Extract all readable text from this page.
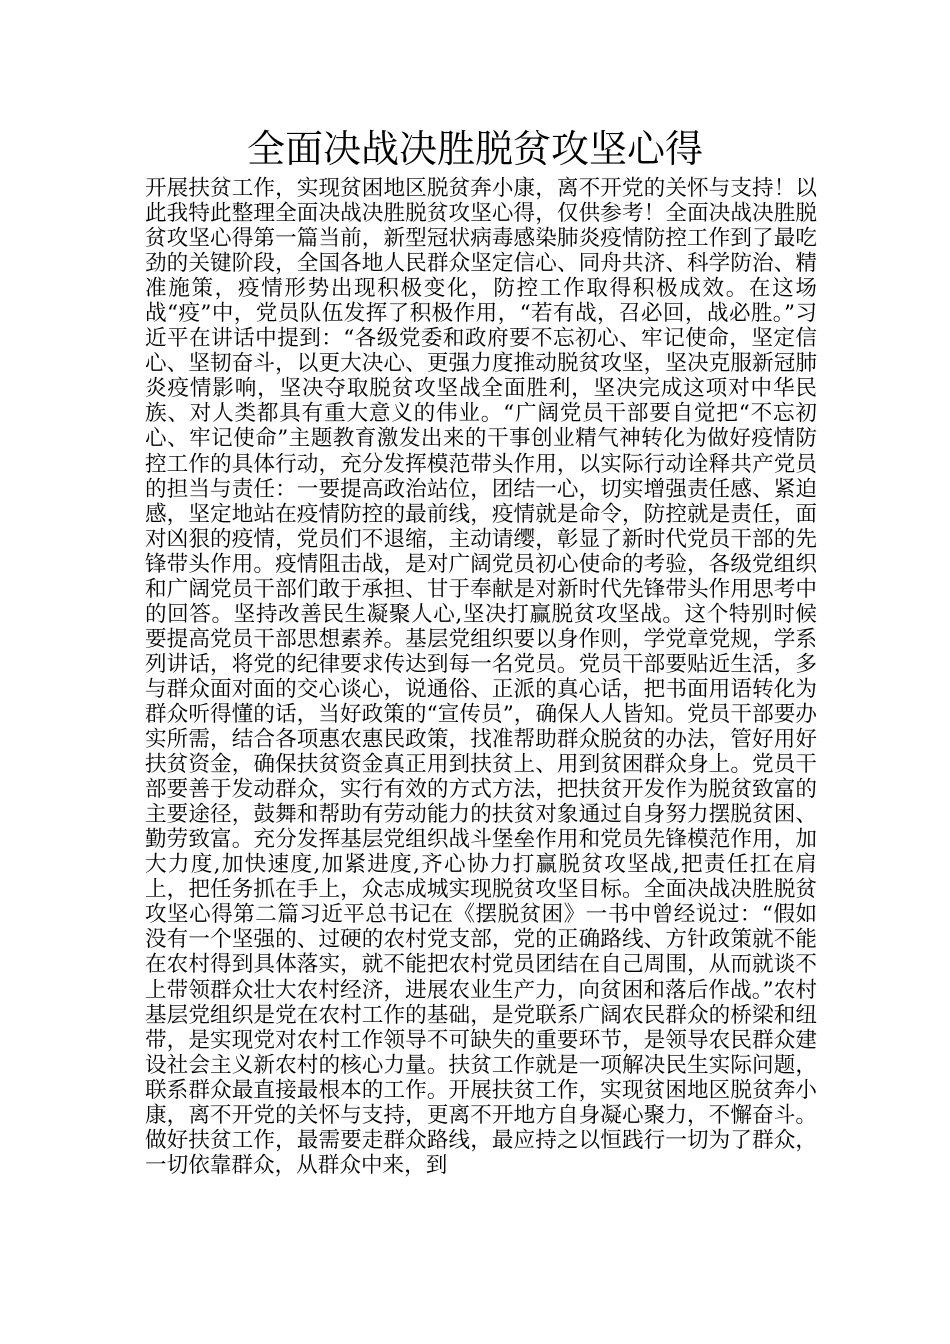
全面决战决胜脱贫攻坚心得

开展扶贫工作，实现贫困地区脱贫奔小康，离不开党的关怀与支持！以此我特此整理全面决战决胜脱贫攻坚心得，仅供参考！全面决战决胜脱贫攻坚心得第一篇当前，新型冠状病毒感染肺炎疫情防控工作到了最吃劲的关键阶段，全国各地人民群众坚定信心、同舟共济、科学防治、精准施策，疫情形势出现积极变化，防控工作取得积极成效。在这场战“疫”中，党员队伍发挥了积极作用，“若有战，召必回，战必胜。”习近平在讲话中提到：“各级党委和政府要不忘初心、牢记使命，坚定信心、坚韧奋斗，以更大决心、更强力度推动脱贫攻坚，坚决克服新冠肺炎疫情影响，坚决夺取脱贫攻坚战全面胜利，坚决完成这项对中华民族、对人类都具有重大意义的伟业。“广阔党员干部要自觉把“不忘初心、牢记使命”主题教育激发出来的干事创业精气神转化为做好疫情防控工作的具体行动，充分发挥模范带头作用，以实际行动诠释共产党员的担当与责任：一要提高政治站位，团结一心，切实增强责任感、紧迫感，坚定地站在疫情防控的最前线，疫情就是命令，防控就是责任，面对凶狠的疫情，党员们不退缩，主动请缨，彰显了新时代党员干部的先锋带头作用。疫情阻击战，是对广阔党员初心使命的考验，各级党组织和广阔党员干部们敢于承担、甘于奉献是对新时代先锋带头作用思考中的回答。坚持改善民生凝聚人心,坚决打赢脱贫攻坚战。这个特别时候要提高党员干部思想素养。基层党组织要以身作则，学党章党规，学系列讲话，将党的纪律要求传达到每一名党员。党员干部要贴近生活，多与群众面对面的交心谈心，说通俗、正派的真心话，把书面用语转化为群众听得懂的话，当好政策的“宣传员”，确保人人皆知。党员干部要办实所需，结合各项惠农惠民政策，找准帮助群众脱贫的办法，管好用好扶贫资金，确保扶贫资金真正用到扶贫上、用到贫困群众身上。党员干部要善于发动群众，实行有效的方式方法，把扶贫开发作为脱贫致富的主要途径，鼓舞和帮助有劳动能力的扶贫对象通过自身努力摆脱贫困、勤劳致富。充分发挥基层党组织战斗堡垒作用和党员先锋模范作用，加大力度,加快速度,加紧进度,齐心协力打赢脱贫攻坚战,把责任扛在肩上，把任务抓在手上，众志成城实现脱贫攻坚目标。全面决战决胜脱贫攻坚心得第二篇习近平总书记在《摆脱贫困》一书中曾经说过：“假如没有一个坚强的、过硬的农村党支部，党的正确路线、方针政策就不能在农村得到具体落实，就不能把农村党员团结在自己周围，从而就谈不上带领群众壮大农村经济，进展农业生产力，向贫困和落后作战。”农村基层党组织是党在农村工作的基础，是党联系广阔农民群众的桥梁和纽带，是实现党对农村工作领导不可缺失的重要环节，是领导农民群众建设社会主义新农村的核心力量。扶贫工作就是一项解决民生实际问题，联系群众最直接最根本的工作。开展扶贫工作，实现贫困地区脱贫奔小康，离不开党的关怀与支持，更离不开地方自身凝心聚力，不懈奋斗。做好扶贫工作，最需要走群众路线，最应持之以恒践行一切为了群众，一切依靠群众，从群众中来，到
